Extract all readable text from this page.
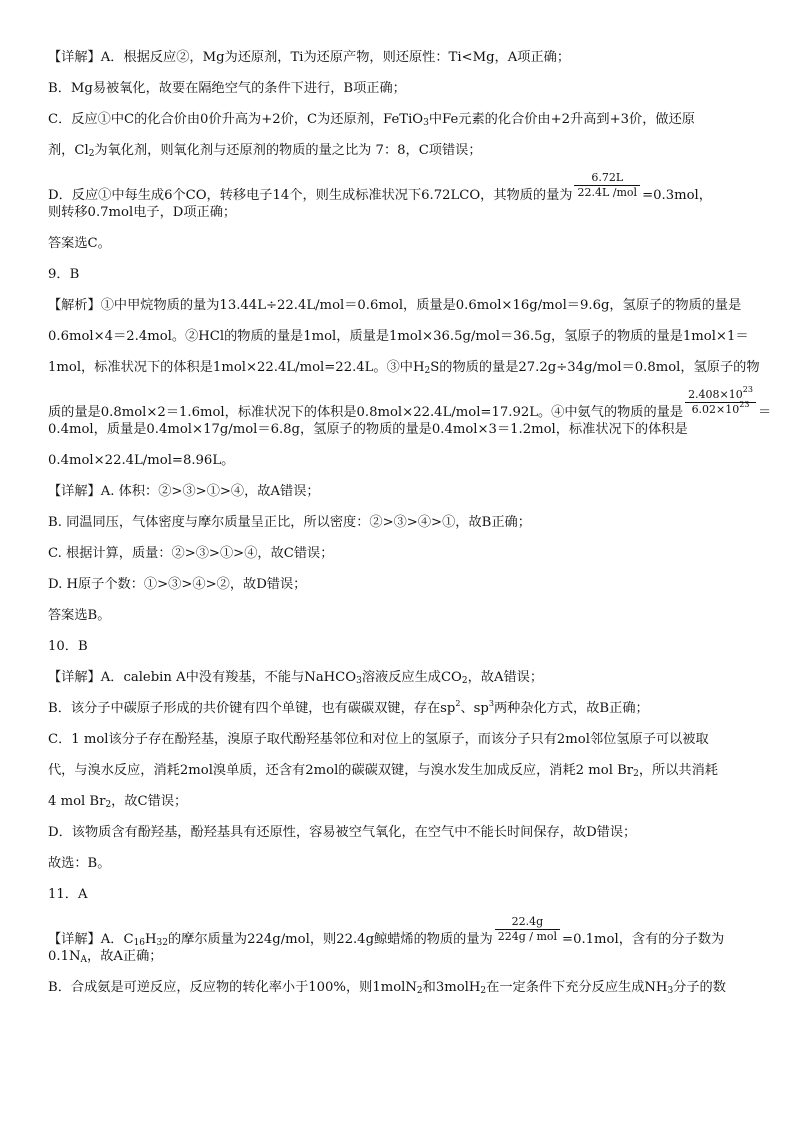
【详解】A．根据反应②，Mg为还原剂，Ti为还原产物，则还原性：Ti<Mg，A项正确；
B．Mg易被氧化，故要在隔绝空气的条件下进行，B项正确；
C．反应①中C的化合价由0价升高为+2价，C为还原剂，FeTiO$_3$中Fe元素的化合价由+2升高到+3价，做还原
剂，$Cl_2$为氧化剂，则氧化剂与还原剂的物质的量之比为 7：8，C项错误；
D．反应①中每生成6个CO，转移电子14个，则生成标准状况下6.72LCO，其物质的量为 $\frac{6.72L}{\text{22.4L /mol}} =0.3mol$，
则转移0.7mol电子，D项正确；
答案选C。
9．B
【解析】①中甲烷物质的量为13.44L÷22.4L/mol＝0.6mol，质量是0.6mol×16g/mol＝9.6g，氢原子的物质的量是
0.6mol×4＝2.4mol。②HCl的物质的量是1mol，质量是1mol×36.5g/mol＝36.5g，氢原子的物质的量是1mol×1＝
1mol，标准状况下的体积是1mol×22.4L/mol=22.4L。③中$H_2S$的物质的量是27.2g÷34g/mol＝0.8mol，氢原子的物
质的量是0.8mol×2＝1.6mol，标准状况下的体积是0.8mol×22.4L/mol=17.92L。④中氨气的物质的量是 $\frac{2.408\times 10^{23}}{6.02\times 10^{23}}$ ＝
0.4mol，质量是0.4mol×17g/mol＝6.8g，氢原子的物质的量是0.4mol×3＝1.2mol，标准状况下的体积是
0.4mol×22.4L/mol=8.96L。
【详解】A. 体积：②>③>①>④，故A错误；
B. 同温同压，气体密度与摩尔质量呈正比，所以密度：②>③>④>①，故B正确；
C. 根据计算，质量：②>③>①>④，故C错误；
D. H原子个数：①>③>④>②，故D错误；
答案选B。
10．B
【详解】A．calebin A中没有羧基，不能与NaHCO$_3$溶液反应生成$CO_2$，故A错误；
B．该分子中碳原子形成的共价键有四个单键，也有碳碳双键，存在$sp^2$、$sp^3$两种杂化方式，故B正确；
C．1 mol该分子存在酚羟基，溴原子取代酚羟基邻位和对位上的氢原子，而该分子只有2mol邻位氢原子可以被取
代，与溴水反应，消耗2mol溴单质，还含有2mol的碳碳双键，与溴水发生加成反应，消耗2 mol $Br_2$，所以共消耗
4 mol $Br_2$，故C错误；
D．该物质含有酚羟基，酚羟基具有还原性，容易被空气氧化，在空气中不能长时间保存，故D错误；
故选：B。
11．A
【详解】A．$C_{16}H_{32}$的摩尔质量为224g/mol，则22.4g鲸蜡烯的物质的量为 $\frac{22.4g}{\text{224g / mol}} =0.1mol$，含有的分子数为
$0.1N_A$，故A正确；
B．合成氨是可逆反应，反应物的转化率小于100%，则1molN$_2$和3molH$_2$在一定条件下充分反应生成$NH_3$分子的数
